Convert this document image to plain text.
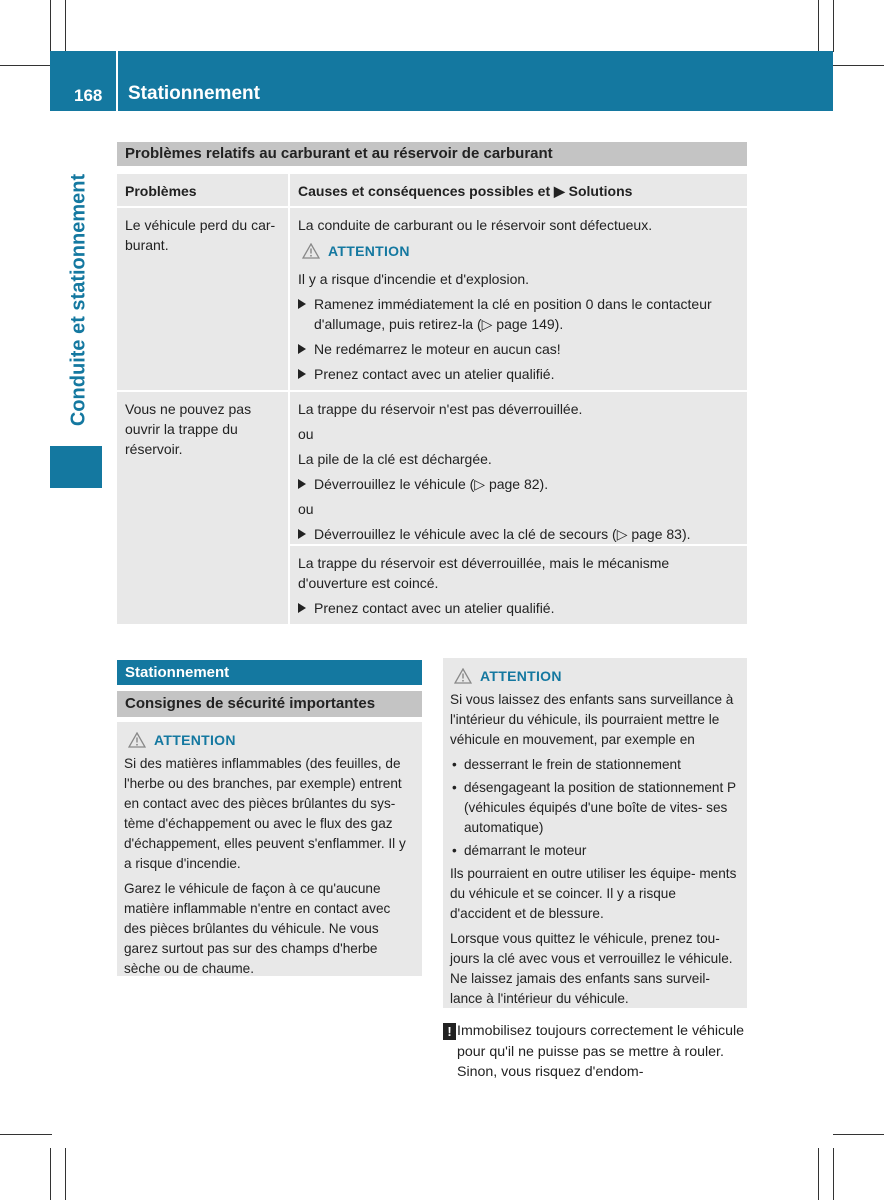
168 Stationnement
Conduite et stationnement
Problèmes relatifs au carburant et au réservoir de carburant
Problèmes	Causes et conséquences possibles et ▶ Solutions
Le véhicule perd du car- burant.

La conduite de carburant ou le réservoir sont défectueux.

ATTENTION

Il y a risque d'incendie et d'explosion.

Ramenez immédiatement la clé en position 0 dans le contacteur d'allumage, puis retirez-la (▷ page 149).
Ne redémarrez le moteur en aucun cas!
Prenez contact avec un atelier qualifié.
Vous ne pouvez pas ouvrir la trappe du réservoir.

La trappe du réservoir n'est pas déverrouillée.

ou

La pile de la clé est déchargée.

Déverrouillez le véhicule (▷ page 82).

ou

Déverrouillez le véhicule avec la clé de secours (▷ page 83).

La trappe du réservoir est déverrouillée, mais le mécanisme d'ouverture est coincé.

Prenez contact avec un atelier qualifié.
Stationnement
Consignes de sécurité importantes
ATTENTION

Si des matières inflammables (des feuilles, de l'herbe ou des branches, par exemple) entrent en contact avec des pièces brûlantes du sys- tème d'échappement ou avec le flux des gaz d'échappement, elles peuvent s'enflammer. Il y a risque d'incendie.

Garez le véhicule de façon à ce qu'aucune matière inflammable n'entre en contact avec des pièces brûlantes du véhicule. Ne vous garez surtout pas sur des champs d'herbe sèche ou de chaume.

ATTENTION

Si vous laissez des enfants sans surveillance à l'intérieur du véhicule, ils pourraient mettre le véhicule en mouvement, par exemple en

• desserrant le frein de stationnement
• désengageant la position de stationnement P (véhicules équipés d'une boîte de vites- ses automatique)
• démarrant le moteur

Ils pourraient en outre utiliser les équipe- ments du véhicule et se coincer. Il y a risque d'accident et de blessure.

Lorsque vous quittez le véhicule, prenez tou- jours la clé avec vous et verrouillez le véhicule. Ne laissez jamais des enfants sans surveil- lance à l'intérieur du véhicule.

! Immobilisez toujours correctement le véhicule pour qu'il ne puisse pas se mettre à rouler. Sinon, vous risquez d'endom-
